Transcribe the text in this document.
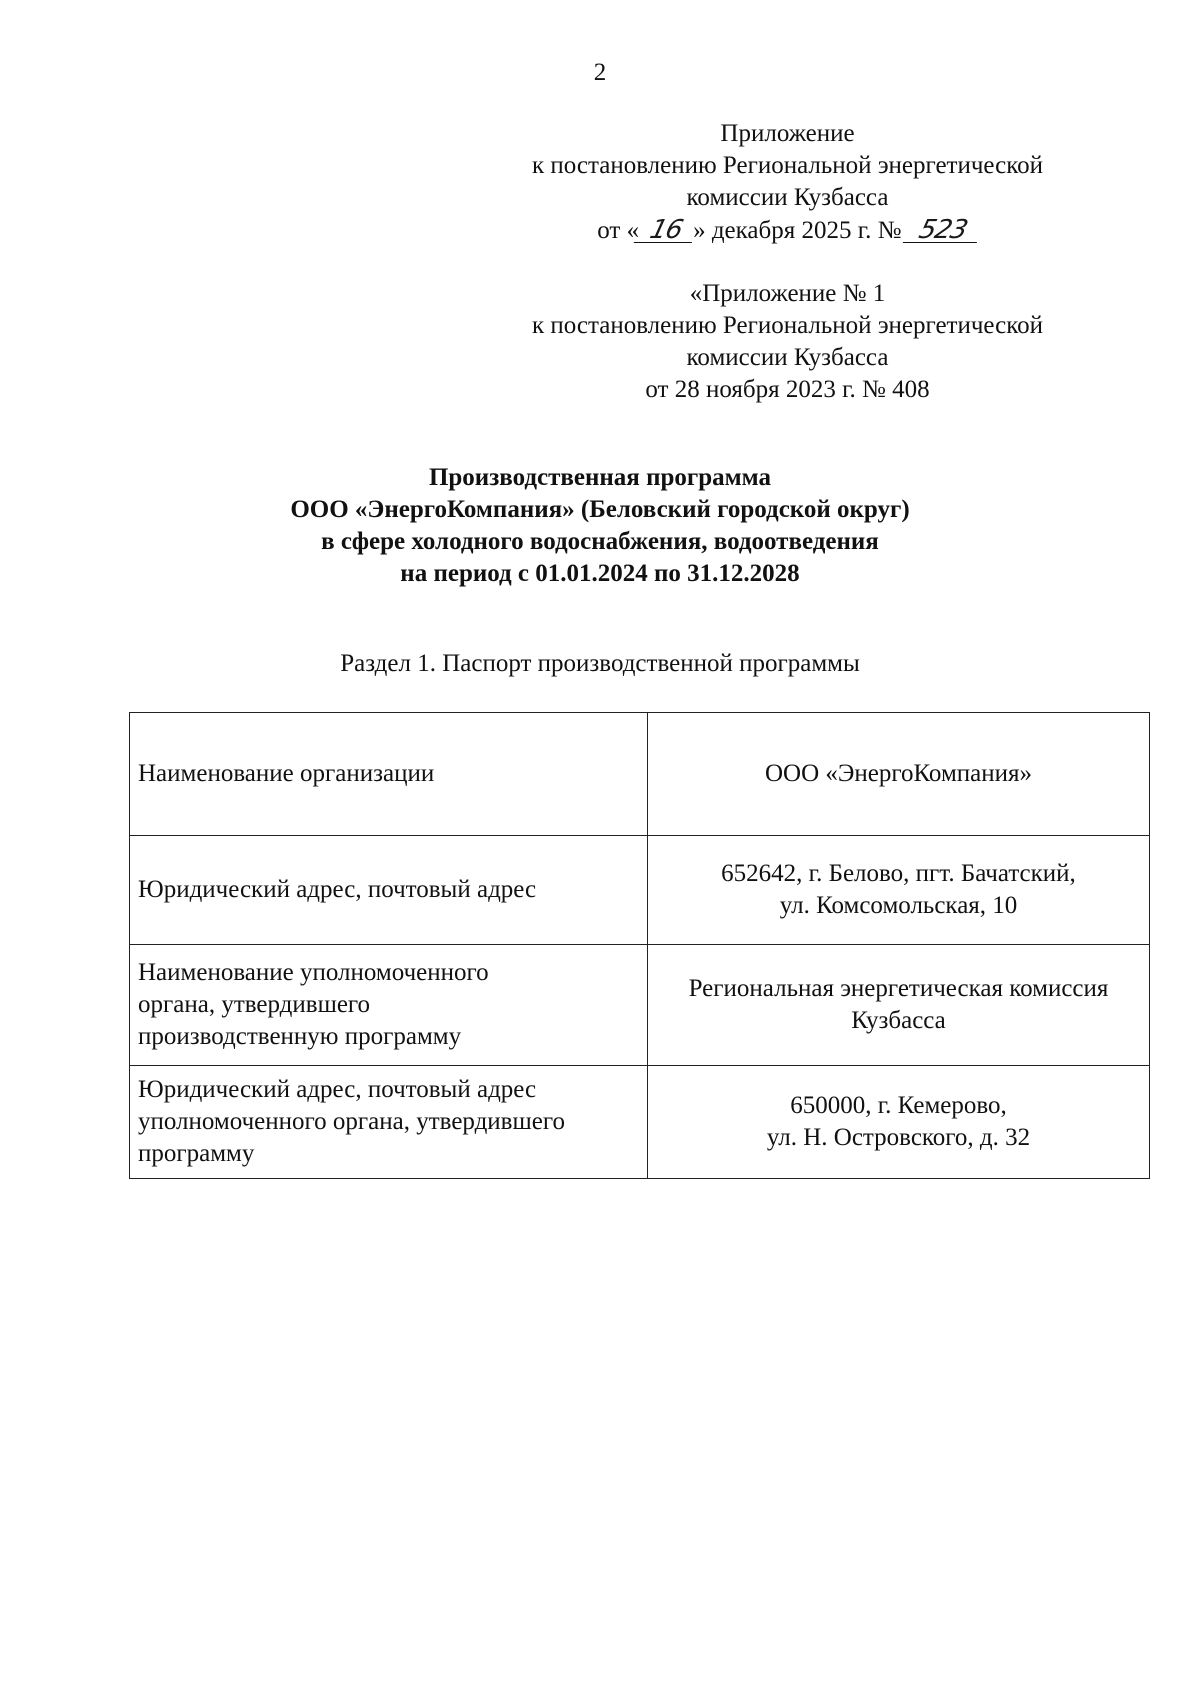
2
Приложение
к постановлению Региональной энергетической
комиссии Кузбасса
от « 16 » декабря 2025 г. № 523
«Приложение № 1
к постановлению Региональной энергетической
комиссии Кузбасса
от 28 ноября 2023 г. № 408
Производственная программа
ООО «ЭнергоКомпания» (Беловский городской округ)
в сфере холодного водоснабжения, водоотведения
на период с 01.01.2024 по 31.12.2028
Раздел 1. Паспорт производственной программы
Наименование организации	ООО «ЭнергоКомпания»

Юридический адрес, почтовый адрес	652642, г. Белово, пгт. Бачатский,
ул. Комсомольская, 10

Наименование уполномоченного
органа, утвердившего
производственную программу	Региональная энергетическая комиссия
Кузбасса

Юридический адрес, почтовый адрес
уполномоченного органа, утвердившего
программу	650000, г. Кемерово,
ул. Н. Островского, д. 32
